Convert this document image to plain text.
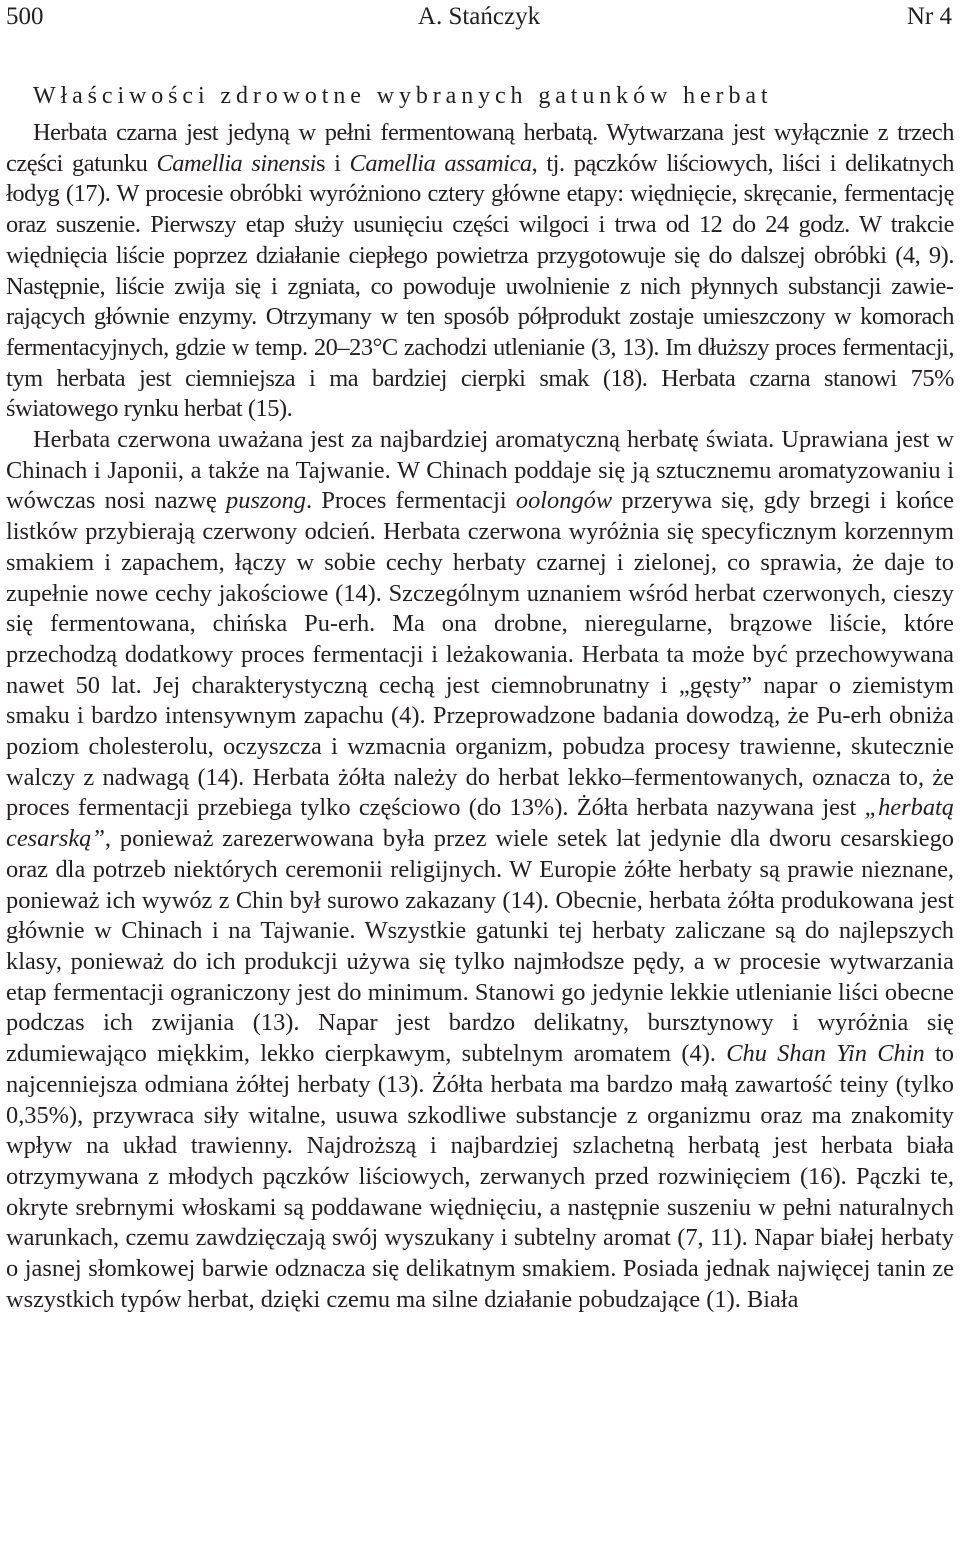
500	A. Stańczyk	Nr 4
Właściwości zdrowotne wybranych gatunków herbat

Herbata czarna jest jedyną w pełni fermentowaną herbatą. Wytwarzana jest wyłącznie z trzech części gatunku Camellia sinensis i Camellia assamica, tj. pączków liściowych, liści i delikatnych łodyg (17). W procesie obróbki wyróżniono cztery główne etapy: więdnięcie, skręcanie, fermentację oraz suszenie. Pierwszy etap służy usunięciu części wilgoci i trwa od 12 do 24 godz. W trakcie więdnięcia liście poprzez działanie ciepłego powietrza przygotowuje się do dalszej obróbki (4, 9). Następnie, liście zwija się i zgniata, co powoduje uwolnienie z nich płynnych substancji zawierających głównie enzymy. Otrzymany w ten sposób półprodukt zostaje umieszczony w komorach fermentacyjnych, gdzie w temp. 20–23°C zachodzi utlenianie (3, 13). Im dłuższy proces fermentacji, tym herbata jest ciemniejsza i ma bardziej cierpki smak (18). Herbata czarna stanowi 75% światowego rynku herbat (15).

Herbata czerwona uważana jest za najbardziej aromatyczną herbatę świata. Uprawiana jest w Chinach i Japonii, a także na Tajwanie. W Chinach poddaje się ją sztucznemu aromatyzowaniu i wówczas nosi nazwę puszong. Proces fermentacji oolongów przerywa się, gdy brzegi i końce listków przybierają czerwony odcień. Herbata czerwona wyróżnia się specyficznym korzennym smakiem i zapachem, łączy w sobie cechy herbaty czarnej i zielonej, co sprawia, że daje to zupełnie nowe cechy jakościowe (14). Szczególnym uznaniem wśród herbat czerwonych, cieszy się fermentowana, chińska Pu-erh. Ma ona drobne, nieregularne, brązowe liście, które przechodzą dodatkowy proces fermentacji i leżakowania. Herbata ta może być przechowywana nawet 50 lat. Jej charakterystyczną cechą jest ciemnobrunatny i „gęsty” napar o ziemistym smaku i bardzo intensywnym zapachu (4). Przeprowadzone badania dowodzą, że Pu-erh obniża poziom cholesterolu, oczyszcza i wzmacnia organizm, pobudza procesy trawienne, skutecznie walczy z nadwagą (14). Herbata żółta należy do herbat lekko–fermentowanych, oznacza to, że proces fermentacji przebiega tylko częściowo (do 13%). Żółta herbata nazywana jest „herbatą cesarską”, ponieważ zarezerwowana była przez wiele setek lat jedynie dla dworu cesarskiego oraz dla potrzeb niektórych ceremonii religijnych. W Europie żółte herbaty są prawie nieznane, ponieważ ich wywóz z Chin był surowo zakazany (14). Obecnie, herbata żółta produkowana jest głównie w Chinach i na Tajwanie. Wszystkie gatunki tej herbaty zaliczane są do najlepszych klasy, ponieważ do ich produkcji używa się tylko najmłodsze pędy, a w procesie wytwarzania etap fermentacji ograniczony jest do minimum. Stanowi go jedynie lekkie utlenianie liści obecne podczas ich zwijania (13). Napar jest bardzo delikatny, bursztynowy i wyróżnia się zdumiewająco miękkim, lekko cierpkawym, subtelnym aromatem (4). Chu Shan Yin Chin to najcenniejsza odmiana żółtej herbaty (13). Żółta herbata ma bardzo małą zawartość teiny (tylko 0,35%), przywraca siły witalne, usuwa szkodliwe substancje z organizmu oraz ma znakomity wpływ na układ trawienny. Najdroższą i najbardziej szlachetną herbatą jest herbata biała otrzymywana z młodych pączków liściowych, zerwanych przed rozwinięciem (16). Pączki te, okryte srebrnymi włoskami są poddawane więdnięciu, a następnie suszeniu w pełni naturalnych warunkach, czemu zawdzięczają swój wyszukany i subtelny aromat (7, 11). Napar białej herbaty o jasnej słomkowej barwie odznacza się delikatnym smakiem. Posiada jednak najwięcej tanin ze wszystkich typów herbat, dzięki czemu ma silne działanie pobudzające (1). Biała
